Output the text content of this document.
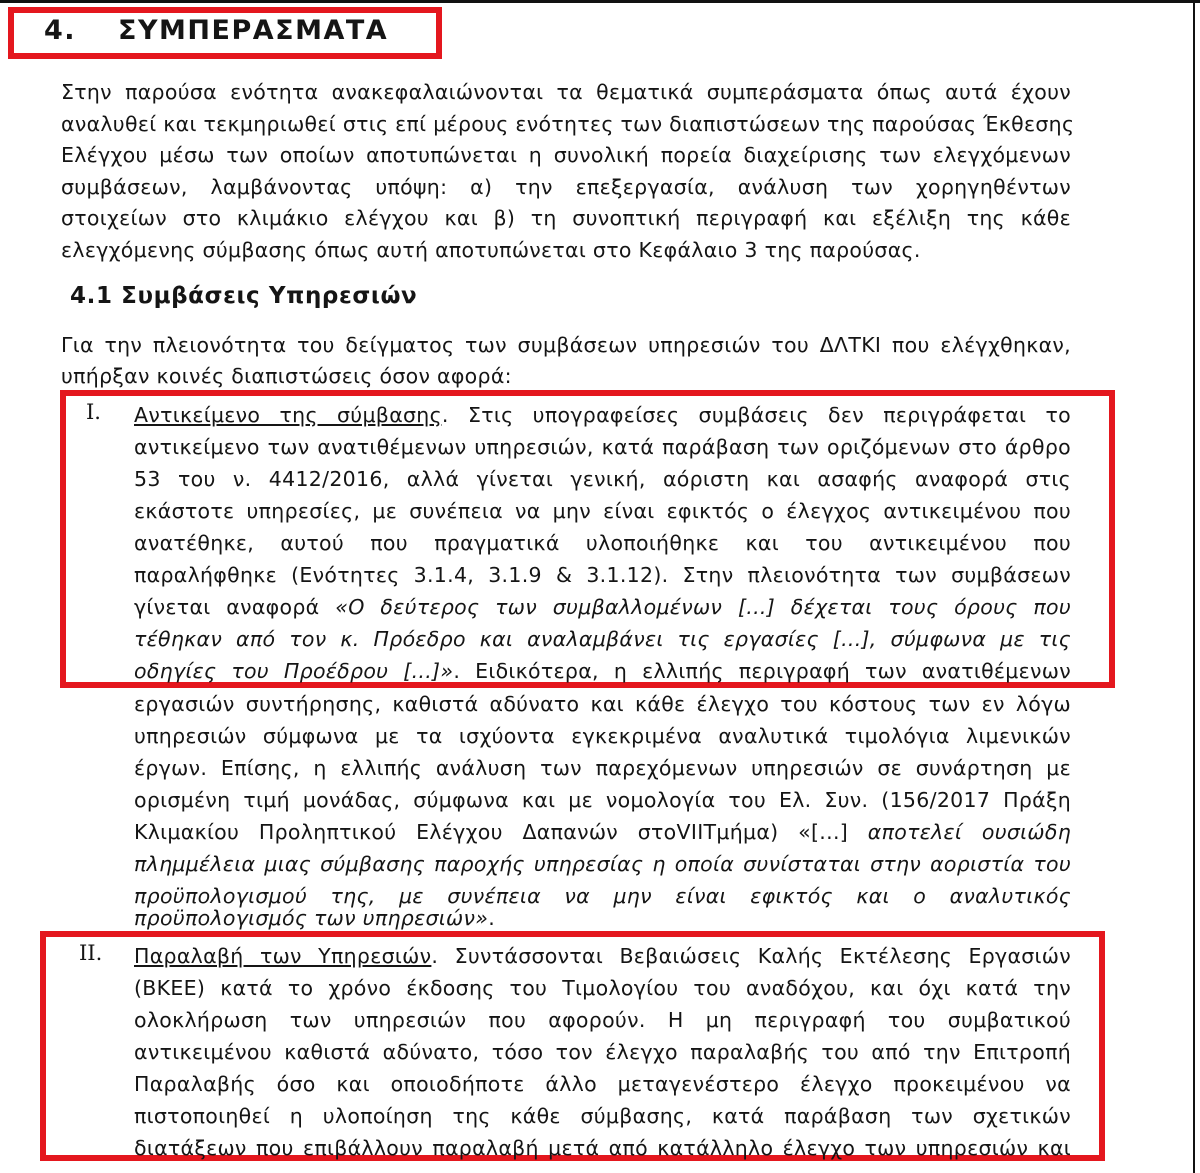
4. ΣΥΜΠΕΡΑΣΜΑΤΑ
Στην παρούσα ενότητα ανακεφαλαιώνονται τα θεματικά συμπεράσματα όπως αυτά έχουν
αναλυθεί και τεκμηριωθεί στις επί μέρους ενότητες των διαπιστώσεων της παρούσας Έκθεσης
Ελέγχου μέσω των οποίων αποτυπώνεται η συνολική πορεία διαχείρισης των ελεγχόμενων
συμβάσεων, λαμβάνοντας υπόψη: α) την επεξεργασία, ανάλυση των χορηγηθέντων
στοιχείων στο κλιμάκιο ελέγχου και β) τη συνοπτική περιγραφή και εξέλιξη της κάθε
ελεγχόμενης σύμβασης όπως αυτή αποτυπώνεται στο Κεφάλαιο 3 της παρούσας.
4.1 Συμβάσεις Υπηρεσιών
Για την πλειονότητα του δείγματος των συμβάσεων υπηρεσιών του ΔΛΤΚΙ που ελέγχθηκαν,
υπήρξαν κοινές διαπιστώσεις όσον αφορά:
I. Αντικείμενο της σύμβασης. Στις υπογραφείσες συμβάσεις δεν περιγράφεται το
αντικείμενο των ανατιθέμενων υπηρεσιών, κατά παράβαση των οριζόμενων στο άρθρο
53 του ν. 4412/2016, αλλά γίνεται γενική, αόριστη και ασαφής αναφορά στις
εκάστοτε υπηρεσίες, με συνέπεια να μην είναι εφικτός ο έλεγχος αντικειμένου που
ανατέθηκε, αυτού που πραγματικά υλοποιήθηκε και του αντικειμένου που
παραλήφθηκε (Ενότητες 3.1.4, 3.1.9 & 3.1.12). Στην πλειονότητα των συμβάσεων
γίνεται αναφορά «Ο δεύτερος των συμβαλλομένων [...] δέχεται τους όρους που
τέθηκαν από τον κ. Πρόεδρο και αναλαμβάνει τις εργασίες [...], σύμφωνα με τις
οδηγίες του Προέδρου [...]». Ειδικότερα, η ελλιπής περιγραφή των ανατιθέμενων
εργασιών συντήρησης, καθιστά αδύνατο και κάθε έλεγχο του κόστους των εν λόγω
υπηρεσιών σύμφωνα με τα ισχύοντα εγκεκριμένα αναλυτικά τιμολόγια λιμενικών
έργων. Επίσης, η ελλιπής ανάλυση των παρεχόμενων υπηρεσιών σε συνάρτηση με
ορισμένη τιμή μονάδας, σύμφωνα και με νομολογία του Ελ. Συν. (156/2017 Πράξη
Κλιμακίου Προληπτικού Ελέγχου Δαπανών στοVIIΤμήμα) «[...] αποτελεί ουσιώδη
πλημμέλεια μιας σύμβασης παροχής υπηρεσίας η οποία συνίσταται στην αοριστία του
προϋπολογισμού της, με συνέπεια να μην είναι εφικτός και ο αναλυτικός
προϋπολογισμός των υπηρεσιών».
II. Παραλαβή των Υπηρεσιών. Συντάσσονται Βεβαιώσεις Καλής Εκτέλεσης Εργασιών
(ΒΚΕΕ) κατά το χρόνο έκδοσης του Τιμολογίου του αναδόχου, και όχι κατά την
ολοκλήρωση των υπηρεσιών που αφορούν. Η μη περιγραφή του συμβατικού
αντικειμένου καθιστά αδύνατο, τόσο τον έλεγχο παραλαβής του από την Επιτροπή
Παραλαβής όσο και οποιοδήποτε άλλο μεταγενέστερο έλεγχο προκειμένου να
πιστοποιηθεί η υλοποίηση της κάθε σύμβασης, κατά παράβαση των σχετικών
διατάξεων που επιβάλλουν παραλαβή μετά από κατάλληλο έλεγχο των υπηρεσιών και
